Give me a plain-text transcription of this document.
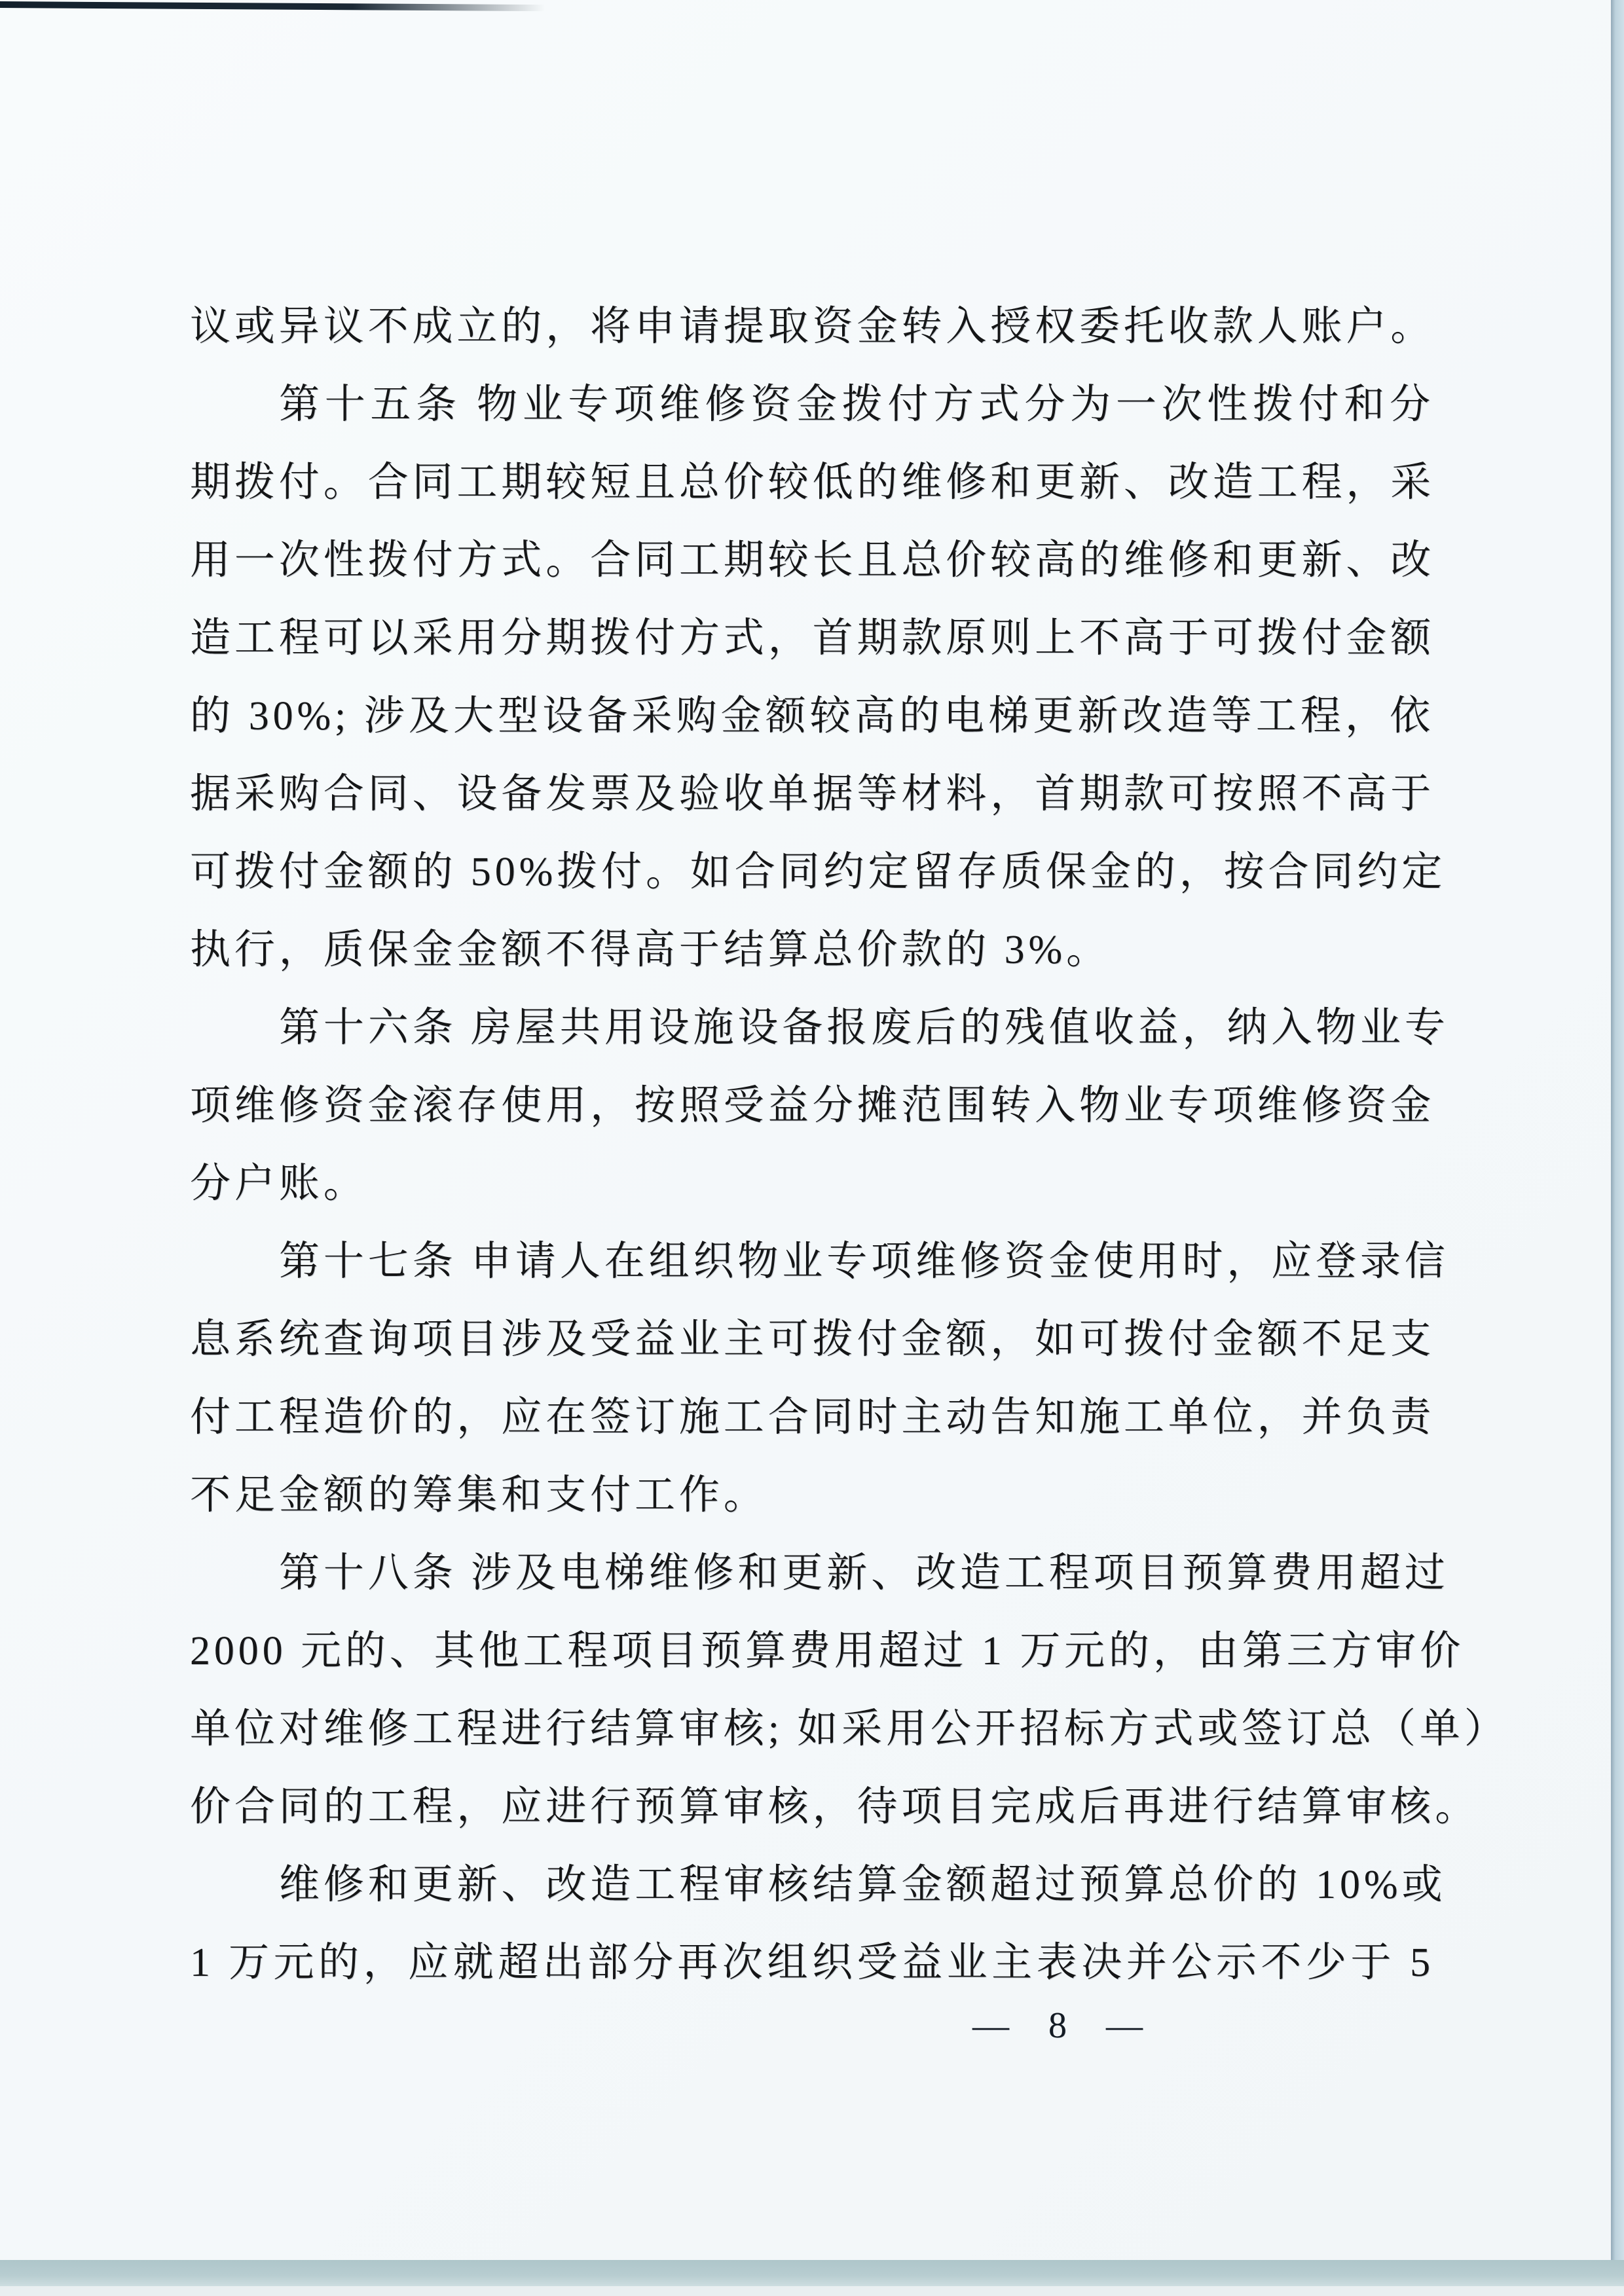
议或异议不成立的，将申请提取资金转入授权委托收款人账户。
第十五条 物业专项维修资金拨付方式分为一次性拨付和分
期拨付。合同工期较短且总价较低的维修和更新、改造工程，采
用一次性拨付方式。合同工期较长且总价较高的维修和更新、改
造工程可以采用分期拨付方式，首期款原则上不高于可拨付金额
的 30%; 涉及大型设备采购金额较高的电梯更新改造等工程，依
据采购合同、设备发票及验收单据等材料，首期款可按照不高于
可拨付金额的 50%拨付。如合同约定留存质保金的，按合同约定
执行，质保金金额不得高于结算总价款的 3%。
第十六条 房屋共用设施设备报废后的残值收益，纳入物业专
项维修资金滚存使用，按照受益分摊范围转入物业专项维修资金
分户账。
第十七条 申请人在组织物业专项维修资金使用时，应登录信
息系统查询项目涉及受益业主可拨付金额，如可拨付金额不足支
付工程造价的，应在签订施工合同时主动告知施工单位，并负责
不足金额的筹集和支付工作。
第十八条 涉及电梯维修和更新、改造工程项目预算费用超过
2000 元的、其他工程项目预算费用超过 1 万元的，由第三方审价
单位对维修工程进行结算审核; 如采用公开招标方式或签订总（单）
价合同的工程，应进行预算审核，待项目完成后再进行结算审核。
维修和更新、改造工程审核结算金额超过预算总价的 10%或
1 万元的，应就超出部分再次组织受益业主表决并公示不少于 5
— 8 —
